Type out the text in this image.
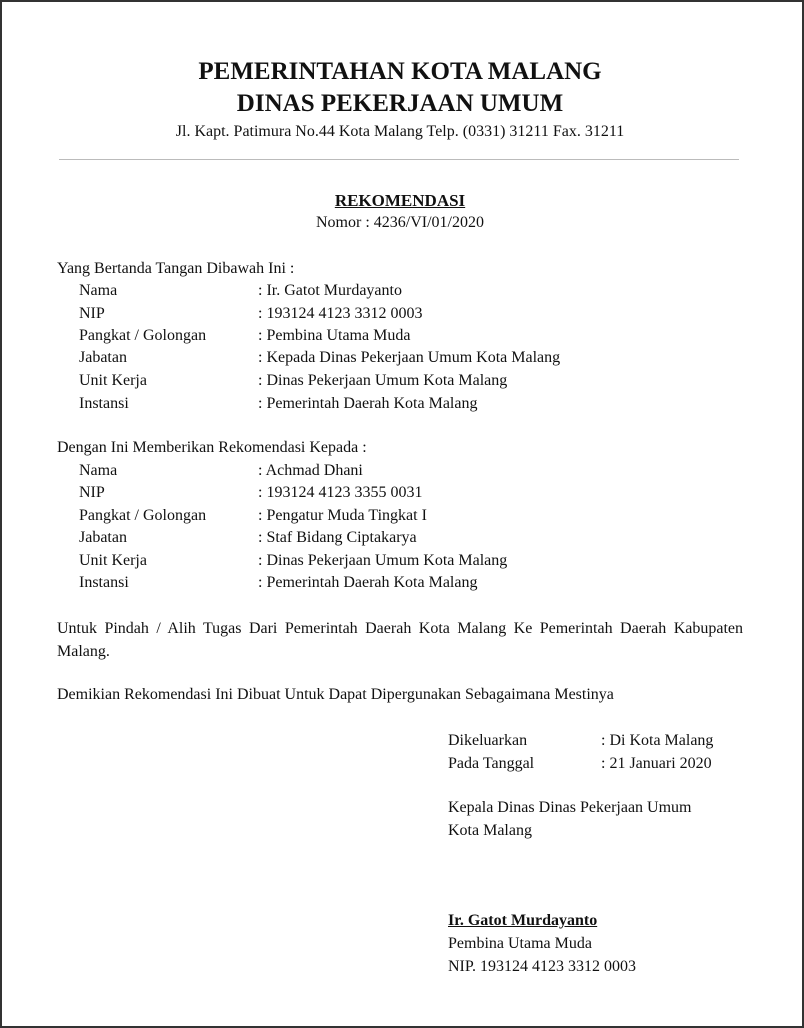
PEMERINTAHAN KOTA MALANG
DINAS PEKERJAAN UMUM
Jl. Kapt. Patimura No.44 Kota Malang Telp. (0331) 31211 Fax. 31211
REKOMENDASI
Nomor : 4236/VI/01/2020
Yang Bertanda Tangan Dibawah Ini :
Nama	: Ir. Gatot Murdayanto
NIP	: 193124 4123 3312 0003
Pangkat / Golongan	: Pembina Utama Muda
Jabatan	: Kepada Dinas Pekerjaan Umum Kota Malang
Unit Kerja	: Dinas Pekerjaan Umum Kota Malang
Instansi	: Pemerintah Daerah Kota Malang
Dengan Ini Memberikan Rekomendasi Kepada :
Nama	: Achmad Dhani
NIP	: 193124 4123 3355 0031
Pangkat / Golongan	: Pengatur Muda Tingkat I
Jabatan	: Staf Bidang Ciptakarya
Unit Kerja	: Dinas Pekerjaan Umum Kota Malang
Instansi	: Pemerintah Daerah Kota Malang
Untuk Pindah / Alih Tugas Dari Pemerintah Daerah Kota Malang Ke Pemerintah Daerah Kabupaten Malang.
Demikian Rekomendasi Ini Dibuat Untuk Dapat Dipergunakan Sebagaimana Mestinya
Dikeluarkan	: Di Kota Malang
Pada Tanggal	: 21 Januari 2020
Kepala Dinas Dinas Pekerjaan Umum
Kota Malang
Ir. Gatot Murdayanto
Pembina Utama Muda
NIP. 193124 4123 3312 0003
